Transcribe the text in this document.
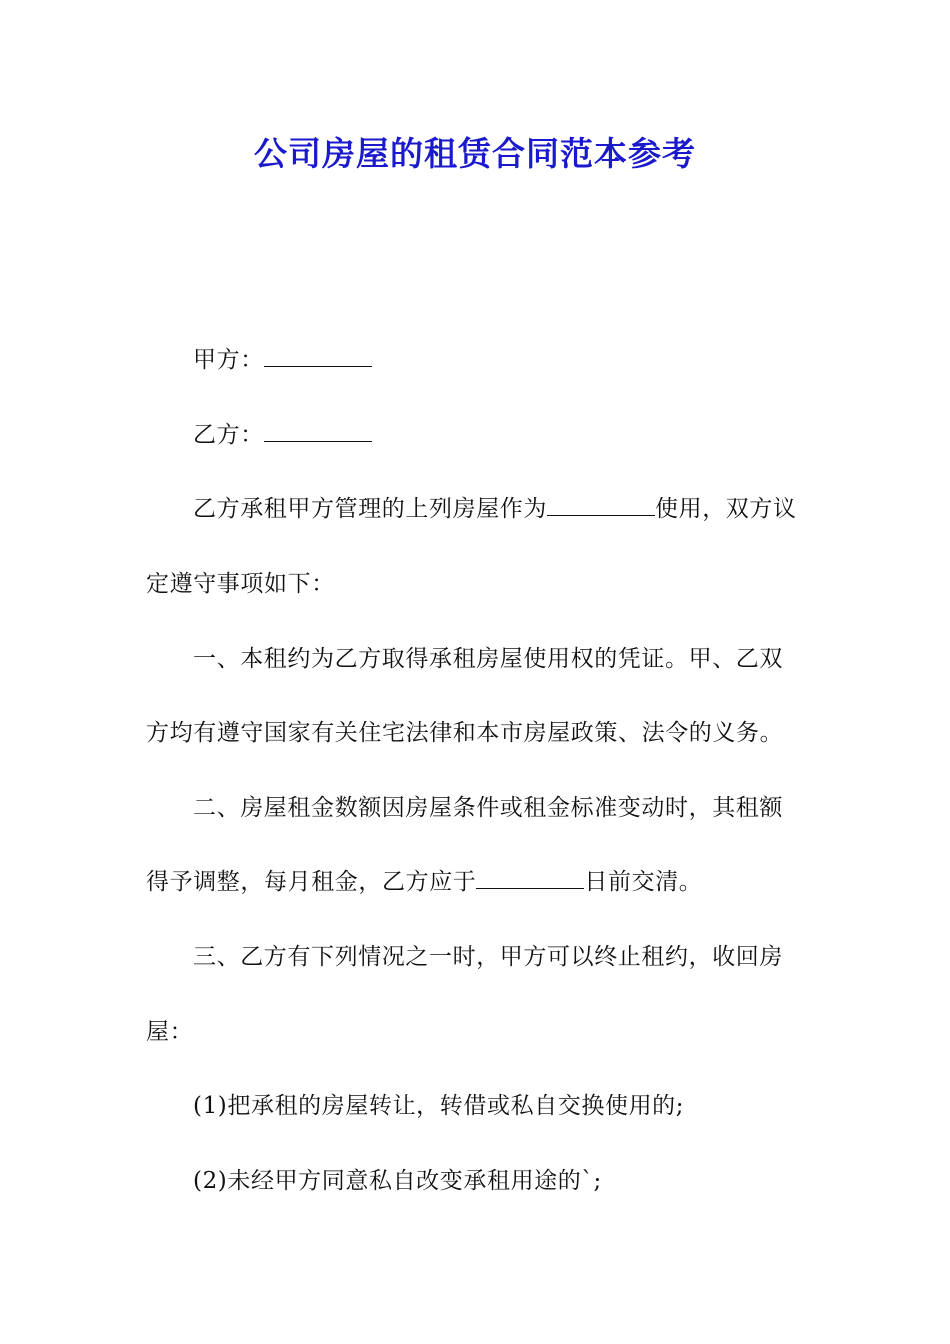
公司房屋的租赁合同范本参考
甲方：
乙方：
乙方承租甲方管理的上列房屋作为	使用，双方议
定遵守事项如下：
一、本租约为乙方取得承租房屋使用权的凭证。甲、乙双
方均有遵守国家有关住宅法律和本市房屋政策、法令的义务。
二、房屋租金数额因房屋条件或租金标准变动时，其租额
得予调整，每月租金，乙方应于	日前交清。
三、乙方有下列情况之一时，甲方可以终止租约，收回房
屋：
(1)把承租的房屋转让，转借或私自交换使用的;
(2)未经甲方同意私自改变承租用途的`;
